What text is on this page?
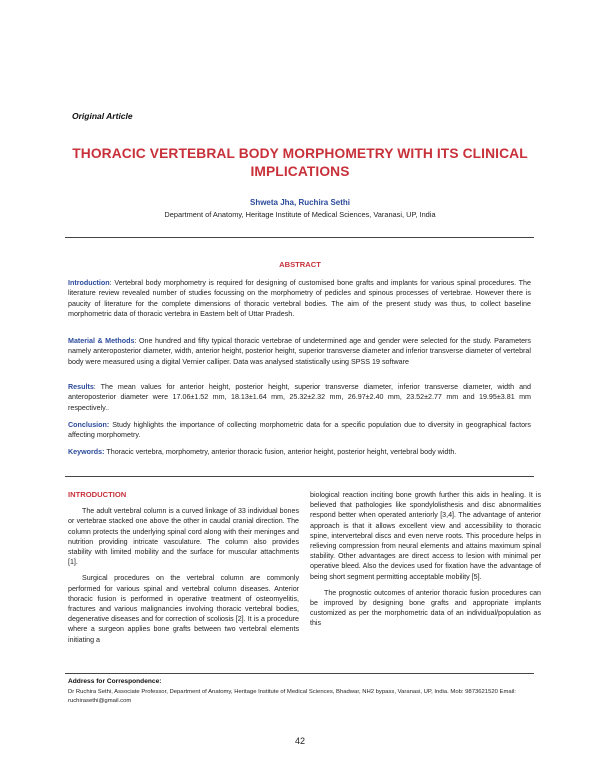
Original Article
THORACIC VERTEBRAL BODY MORPHOMETRY WITH ITS CLINICAL IMPLICATIONS
Shweta Jha, Ruchira Sethi
Department of Anatomy, Heritage Institute of Medical Sciences, Varanasi, UP, India
ABSTRACT
Introduction: Vertebral body morphometry is required for designing of customised bone grafts and implants for various spinal procedures. The literature review revealed number of studies focussing on the morphometry of pedicles and spinous processes of vertebrae. However there is paucity of literature for the complete dimensions of thoracic vertebral bodies. The aim of the present study was thus, to collect baseline morphometric data of thoracic vertebra in Eastern belt of Uttar Pradesh.
Material & Methods: One hundred and fifty typical thoracic vertebrae of undetermined age and gender were selected for the study. Parameters namely anteroposterior diameter, width, anterior height, posterior height, superior transverse diameter and inferior transverse diameter of vertebral body were measured using a digital Vernier calliper. Data was analysed statistically using SPSS 19 software
Results: The mean values for anterior height, posterior height, superior transverse diameter, inferior transverse diameter, width and anteroposterior diameter were 17.06±1.52 mm, 18.13±1.64 mm, 25.32±2.32 mm, 26.97±2.40 mm, 23.52±2.77 mm and 19.95±3.81 mm respectively..
Conclusion: Study highlights the importance of collecting morphometric data for a specific population due to diversity in geographical factors affecting morphometry.
Keywords: Thoracic vertebra, morphometry, anterior thoracic fusion, anterior height, posterior height, vertebral body width.
INTRODUCTION
The adult vertebral column is a curved linkage of 33 individual bones or vertebrae stacked one above the other in caudal cranial direction. The column protects the underlying spinal cord along with their meninges and nutrition providing intricate vasculature. The column also provides stability with limited mobility and the surface for muscular attachments [1].
Surgical procedures on the vertebral column are commonly performed for various spinal and vertebral column diseases. Anterior thoracic fusion is performed in operative treatment of osteomyelitis, fractures and various malignancies involving thoracic vertebral bodies, degenerative diseases and for correction of scoliosis [2]. It is a procedure where a surgeon applies bone grafts between two vertebral elements initiating a
biological reaction inciting bone growth further this aids in healing. It is believed that pathologies like spondylolisthesis and disc abnormalities respond better when operated anteriorly [3,4]. The advantage of anterior approach is that it allows excellent view and accessibility to thoracic spine, intervertebral discs and even nerve roots. This procedure helps in relieving compression from neural elements and attains maximum spinal stability. Other advantages are direct access to lesion with minimal per operative bleed. Also the devices used for fixation have the advantage of being short segment permitting acceptable mobility [5].
The prognostic outcomes of anterior thoracic fusion procedures can be improved by designing bone grafts and appropriate implants customized as per the morphometric data of an individual/population as this
Address for Correspondence:
Dr Ruchira Sethi, Associate Professor, Department of Anatomy, Heritage Institute of Medical Sciences, Bhadwar, NH2 bypass, Varanasi, UP, India. Mob: 9873621520 Email: ruchirasethi@gmail.com
42
